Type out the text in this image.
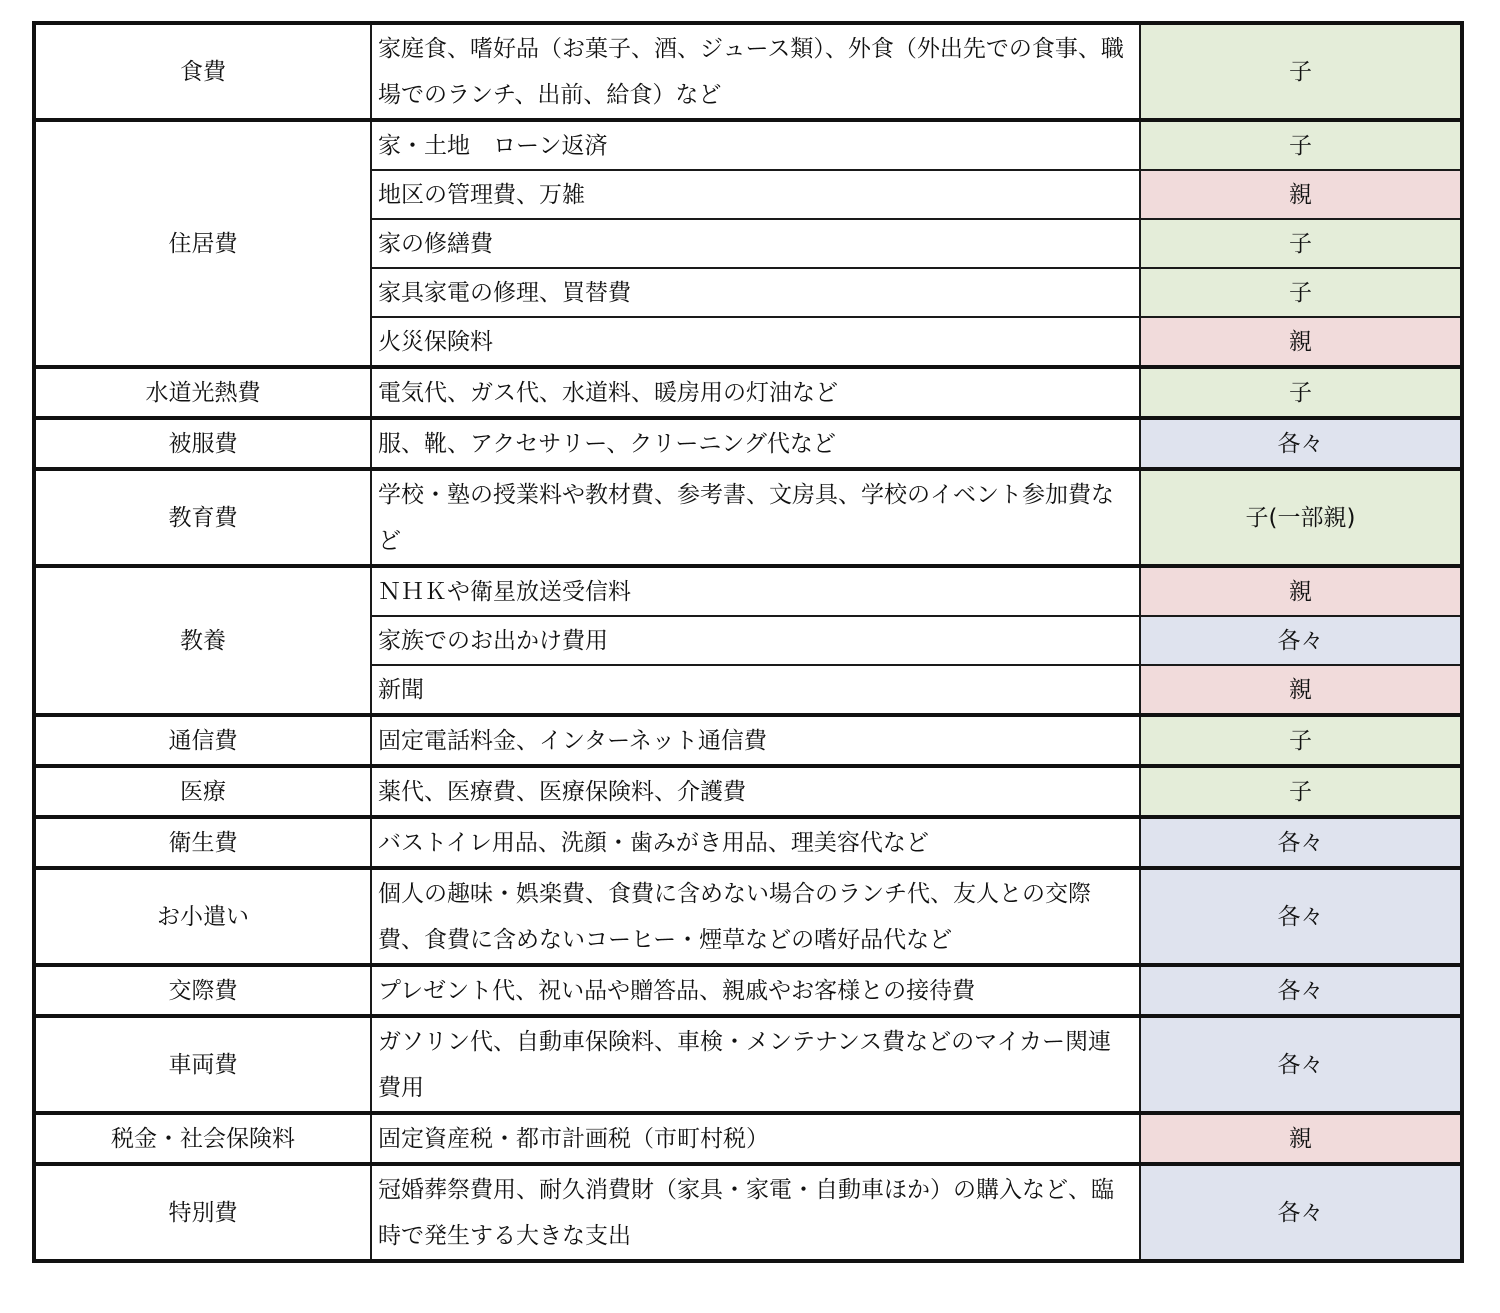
食費	家庭食、嗜好品（お菓子、酒、ジュース類）、外食（外出先での食事、職場でのランチ、出前、給食）など	子
住居費	家・土地　ローン返済	子
	地区の管理費、万雑	親
	家の修繕費	子
	家具家電の修理、買替費	子
	火災保険料	親
水道光熱費	電気代、ガス代、水道料、暖房用の灯油など	子
被服費	服、靴、アクセサリー、クリーニング代など	各々
教育費	学校・塾の授業料や教材費、参考書、文房具、学校のイベント参加費など	子(一部親)
教養	ＮＨＫや衛星放送受信料	親
	家族でのお出かけ費用	各々
	新聞	親
通信費	固定電話料金、インターネット通信費	子
医療	薬代、医療費、医療保険料、介護費	子
衛生費	バストイレ用品、洗顔・歯みがき用品、理美容代など	各々
お小遣い	個人の趣味・娯楽費、食費に含めない場合のランチ代、友人との交際費、食費に含めないコーヒー・煙草などの嗜好品代など	各々
交際費	プレゼント代、祝い品や贈答品、親戚やお客様との接待費	各々
車両費	ガソリン代、自動車保険料、車検・メンテナンス費などのマイカー関連費用	各々
税金・社会保険料	固定資産税・都市計画税（市町村税）	親
特別費	冠婚葬祭費用、耐久消費財（家具・家電・自動車ほか）の購入など、臨時で発生する大きな支出	各々
